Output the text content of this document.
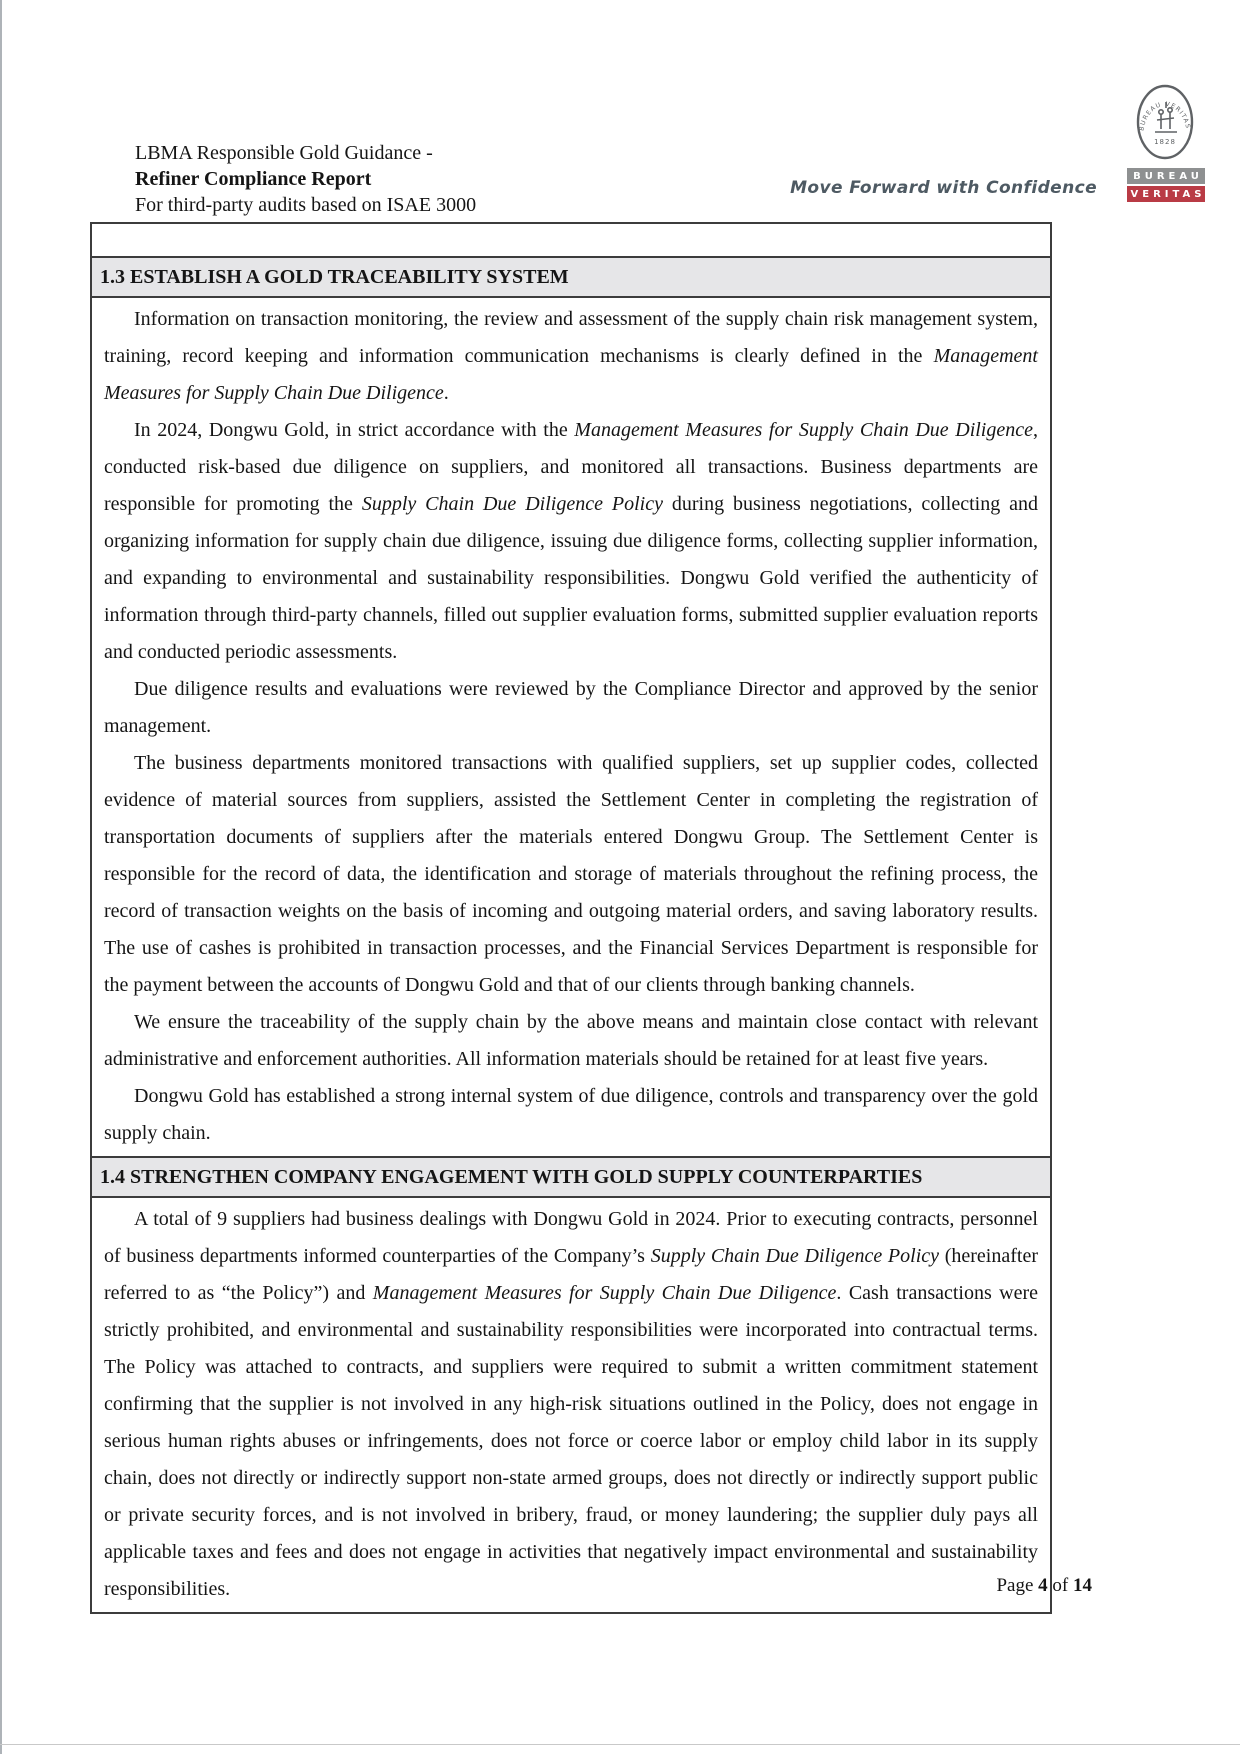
LBMA Responsible Gold Guidance -
Refiner Compliance Report
For third-party audits based on ISAE 3000
Move Forward with Confidence
BUREAU VERITAS
1828
BUREAU
VERITAS
1.3 ESTABLISH A GOLD TRACEABILITY SYSTEM

Information on transaction monitoring, the review and assessment of the supply chain risk management system, training, record keeping and information communication mechanisms is clearly defined in the Management Measures for Supply Chain Due Diligence.

In 2024, Dongwu Gold, in strict accordance with the Management Measures for Supply Chain Due Diligence, conducted risk-based due diligence on suppliers, and monitored all transactions. Business departments are responsible for promoting the Supply Chain Due Diligence Policy during business negotiations, collecting and organizing information for supply chain due diligence, issuing due diligence forms, collecting supplier information, and expanding to environmental and sustainability responsibilities. Dongwu Gold verified the authenticity of information through third-party channels, filled out supplier evaluation forms, submitted supplier evaluation reports and conducted periodic assessments.

Due diligence results and evaluations were reviewed by the Compliance Director and approved by the senior management.

The business departments monitored transactions with qualified suppliers, set up supplier codes, collected evidence of material sources from suppliers, assisted the Settlement Center in completing the registration of transportation documents of suppliers after the materials entered Dongwu Group. The Settlement Center is responsible for the record of data, the identification and storage of materials throughout the refining process, the record of transaction weights on the basis of incoming and outgoing material orders, and saving laboratory results. The use of cashes is prohibited in transaction processes, and the Financial Services Department is responsible for the payment between the accounts of Dongwu Gold and that of our clients through banking channels.

We ensure the traceability of the supply chain by the above means and maintain close contact with relevant administrative and enforcement authorities. All information materials should be retained for at least five years.

Dongwu Gold has established a strong internal system of due diligence, controls and transparency over the gold supply chain.

1.4 STRENGTHEN COMPANY ENGAGEMENT WITH GOLD SUPPLY COUNTERPARTIES

A total of 9 suppliers had business dealings with Dongwu Gold in 2024. Prior to executing contracts, personnel of business departments informed counterparties of the Company’s Supply Chain Due Diligence Policy (hereinafter referred to as “the Policy”) and Management Measures for Supply Chain Due Diligence. Cash transactions were strictly prohibited, and environmental and sustainability responsibilities were incorporated into contractual terms. The Policy was attached to contracts, and suppliers were required to submit a written commitment statement confirming that the supplier is not involved in any high-risk situations outlined in the Policy, does not engage in serious human rights abuses or infringements, does not force or coerce labor or employ child labor in its supply chain, does not directly or indirectly support non-state armed groups, does not directly or indirectly support public or private security forces, and is not involved in bribery, fraud, or money laundering; the supplier duly pays all applicable taxes and fees and does not engage in activities that negatively impact environmental and sustainability responsibilities.	Page 4 of 14
